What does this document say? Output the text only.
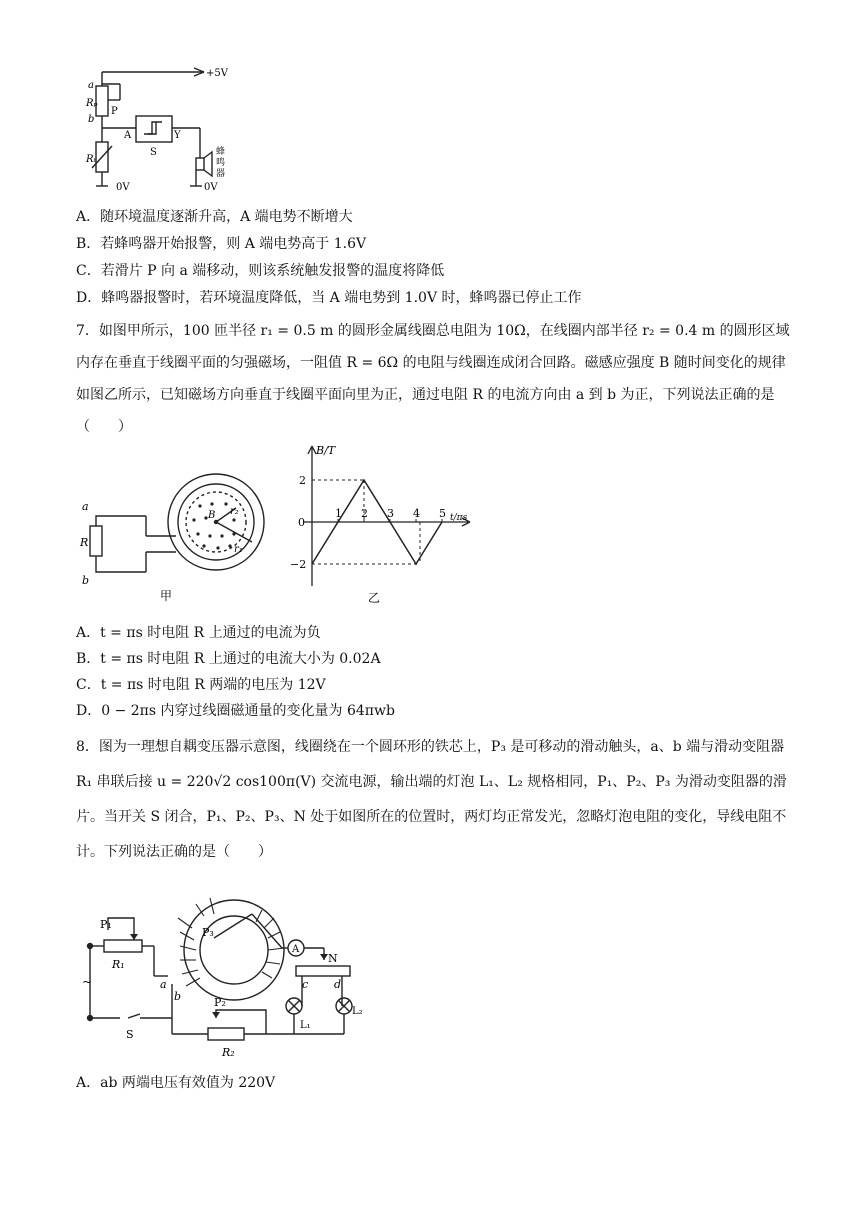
+5V
a
Rₚ
P
b
A
S
Y
Rₜ
0V	0V
蜂
鸣
器
A．随环境温度逐渐升高，A 端电势不断增大
B．若蜂鸣器开始报警，则 A 端电势高于 1.6V
C．若滑片 P 向 a 端移动，则该系统触发报警的温度将降低
D．蜂鸣器报警时，若环境温度降低，当 A 端电势到 1.0V 时，蜂鸣器已停止工作
7．如图甲所示，100 匝半径 r₁ = 0.5 m 的圆形金属线圈总电阻为 10Ω，在线圈内部半径 r₂ = 0.4 m 的圆形区域内存在垂直于线圈平面的匀强磁场，一阻值 R = 6Ω 的电阻与线圈连成闭合回路。磁感应强度 B 随时间变化的规律如图乙所示，已知磁场方向垂直于线圈平面向里为正，通过电阻 R 的电流方向由 a 到 b 为正，下列说法正确的是（　　）
a
R
b
B r₂
r₁
甲
1 2 3 4 5
B/T
t/πs
0
2
−2
乙
A．t = πs 时电阻 R 上通过的电流为负
B．t = πs 时电阻 R 上通过的电流大小为 0.02A
C．t = πs 时电阻 R 两端的电压为 12V
D．0 − 2πs 内穿过线圈磁通量的变化量为 64πwb
8．图为一理想自耦变压器示意图，线圈绕在一个圆环形的铁芯上，P₃ 是可移动的滑动触头，a、b 端与滑动变阻器 R₁ 串联后接 u = 220√2 cos100π(V) 交流电源，输出端的灯泡 L₁、L₂ 规格相同，P₁、P₂、P₃ 为滑动变阻器的滑片。当开关 S 闭合，P₁、P₂、P₃、N 处于如图所在的位置时，两灯均正常发光，忽略灯泡电阻的变化，导线电阻不计。下列说法正确的是（　　）
P₁
R₁
P₃
A
N
a
b
c d
L₁
L₂
P₂
R₂
S
~
A．ab 两端电压有效值为 220V
